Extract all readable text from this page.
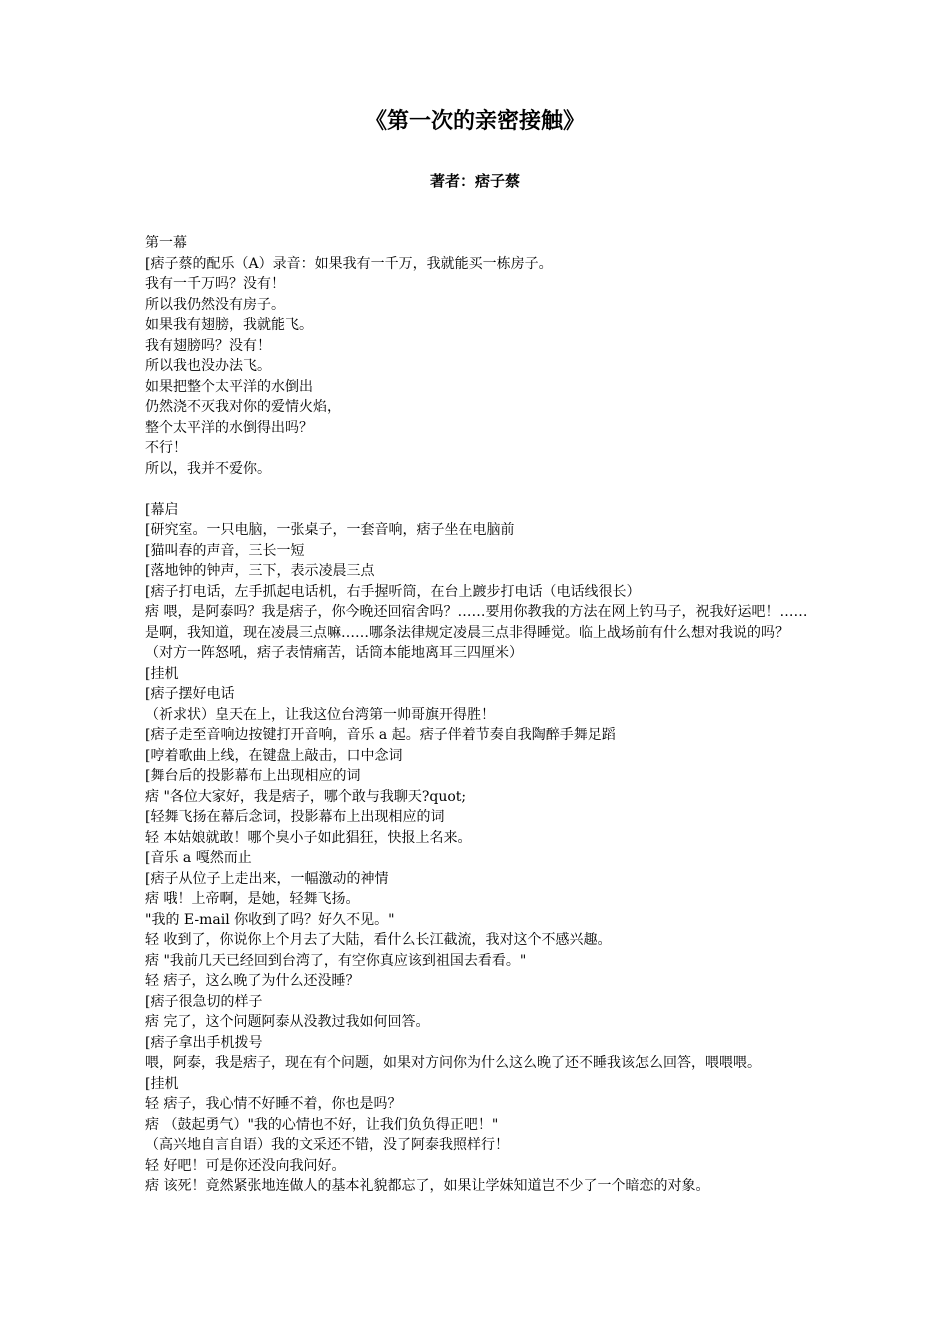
《第一次的亲密接触》
著者：痞子蔡

第一幕

[痞子蔡的配乐（A）录音：如果我有一千万，我就能买一栋房子。

我有一千万吗？没有！

所以我仍然没有房子。

如果我有翅膀，我就能飞。

我有翅膀吗？没有！

所以我也没办法飞。

如果把整个太平洋的水倒出

仍然浇不灭我对你的爱情火焰，

整个太平洋的水倒得出吗？

不行！

所以，我并不爱你。

[幕启

[研究室。一只电脑，一张桌子，一套音响，痞子坐在电脑前

[猫叫春的声音，三长一短

[落地钟的钟声，三下，表示凌晨三点

[痞子打电话，左手抓起电话机，右手握听筒，在台上踱步打电话（电话线很长）

痞 喂，是阿泰吗？我是痞子，你今晚还回宿舍吗？……要用你教我的方法在网上钓马子，祝我好运吧！……是啊，我知道，现在凌晨三点嘛……哪条法律规定凌晨三点非得睡觉。临上战场前有什么想对我说的吗？（对方一阵怒吼，痞子表情痛苦，话筒本能地离耳三四厘米）

[挂机

[痞子摆好电话

（祈求状）皇天在上，让我这位台湾第一帅哥旗开得胜！

[痞子走至音响边按键打开音响，音乐 a 起。痞子伴着节奏自我陶醉手舞足蹈

[哼着歌曲上线，在键盘上敲击，口中念词

[舞台后的投影幕布上出现相应的词

痞 "各位大家好，我是痞子，哪个敢与我聊天?quot;

[轻舞飞扬在幕后念词，投影幕布上出现相应的词

轻 本姑娘就敢！哪个臭小子如此猖狂，快报上名来。

[音乐 a 嘎然而止

[痞子从位子上走出来，一幅激动的神情

痞 哦！上帝啊，是她，轻舞飞扬。

"我的 E-mail 你收到了吗？好久不见。"

轻 收到了，你说你上个月去了大陆，看什么长江截流，我对这个不感兴趣。

痞 "我前几天已经回到台湾了，有空你真应该到祖国去看看。"

轻 痞子，这么晚了为什么还没睡？

[痞子很急切的样子

痞 完了，这个问题阿泰从没教过我如何回答。

[痞子拿出手机拨号

喂，阿泰，我是痞子，现在有个问题，如果对方问你为什么这么晚了还不睡我该怎么回答，喂喂喂。

[挂机

轻 痞子，我心情不好睡不着，你也是吗？

痞 （鼓起勇气）"我的心情也不好，让我们负负得正吧！"

（高兴地自言自语）我的文采还不错，没了阿泰我照样行！

轻 好吧！可是你还没向我问好。

痞 该死！竟然紧张地连做人的基本礼貌都忘了，如果让学妹知道岂不少了一个暗恋的对象。
